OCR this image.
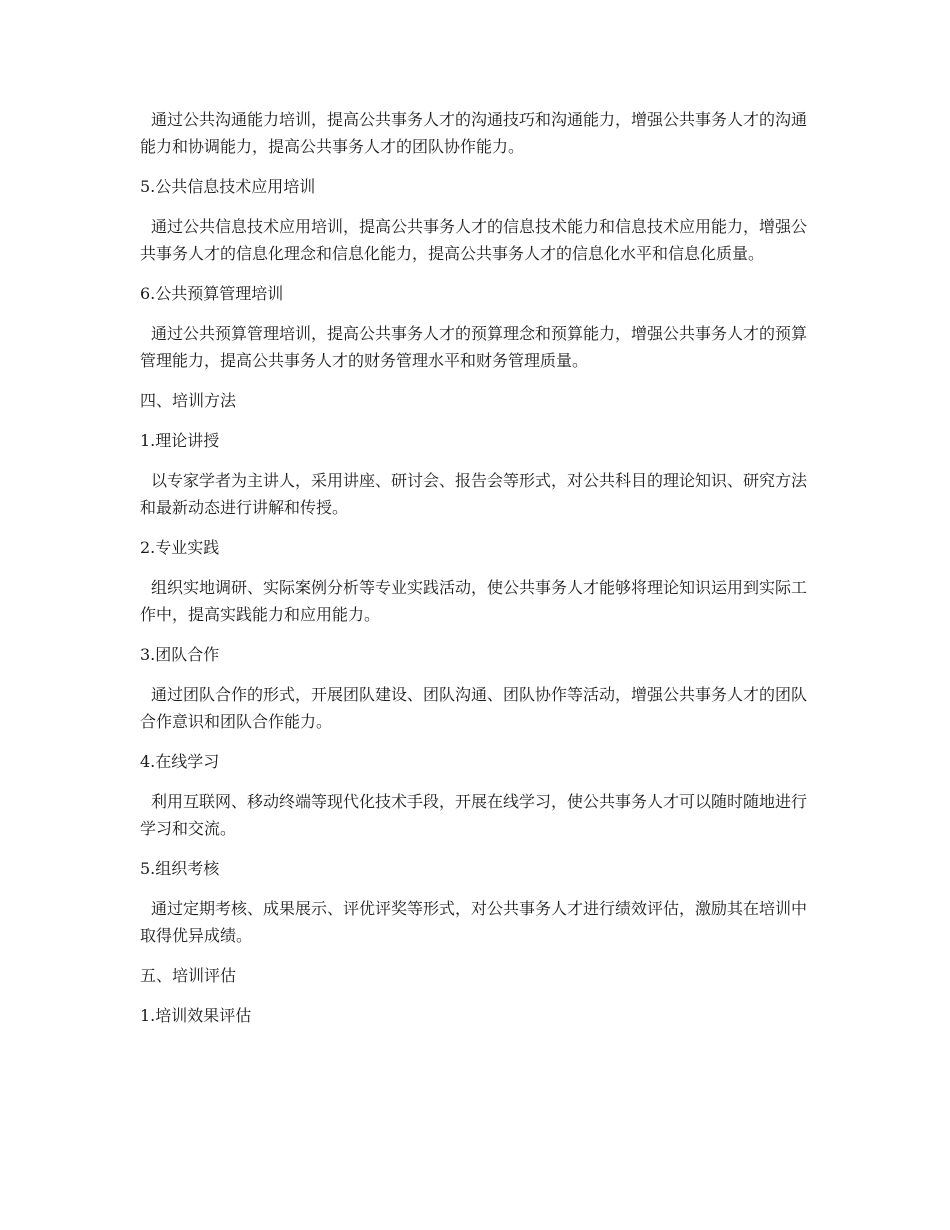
通过公共沟通能力培训，提高公共事务人才的沟通技巧和沟通能力，增强公共事务人才的沟通能力和协调能力，提高公共事务人才的团队协作能力。

5.公共信息技术应用培训

通过公共信息技术应用培训，提高公共事务人才的信息技术能力和信息技术应用能力，增强公共事务人才的信息化理念和信息化能力，提高公共事务人才的信息化水平和信息化质量。

6.公共预算管理培训

通过公共预算管理培训，提高公共事务人才的预算理念和预算能力，增强公共事务人才的预算管理能力，提高公共事务人才的财务管理水平和财务管理质量。

四、培训方法

1.理论讲授

以专家学者为主讲人，采用讲座、研讨会、报告会等形式，对公共科目的理论知识、研究方法和最新动态进行讲解和传授。

2.专业实践

组织实地调研、实际案例分析等专业实践活动，使公共事务人才能够将理论知识运用到实际工作中，提高实践能力和应用能力。

3.团队合作

通过团队合作的形式，开展团队建设、团队沟通、团队协作等活动，增强公共事务人才的团队合作意识和团队合作能力。

4.在线学习

利用互联网、移动终端等现代化技术手段，开展在线学习，使公共事务人才可以随时随地进行学习和交流。

5.组织考核

通过定期考核、成果展示、评优评奖等形式，对公共事务人才进行绩效评估，激励其在培训中取得优异成绩。

五、培训评估

1.培训效果评估
